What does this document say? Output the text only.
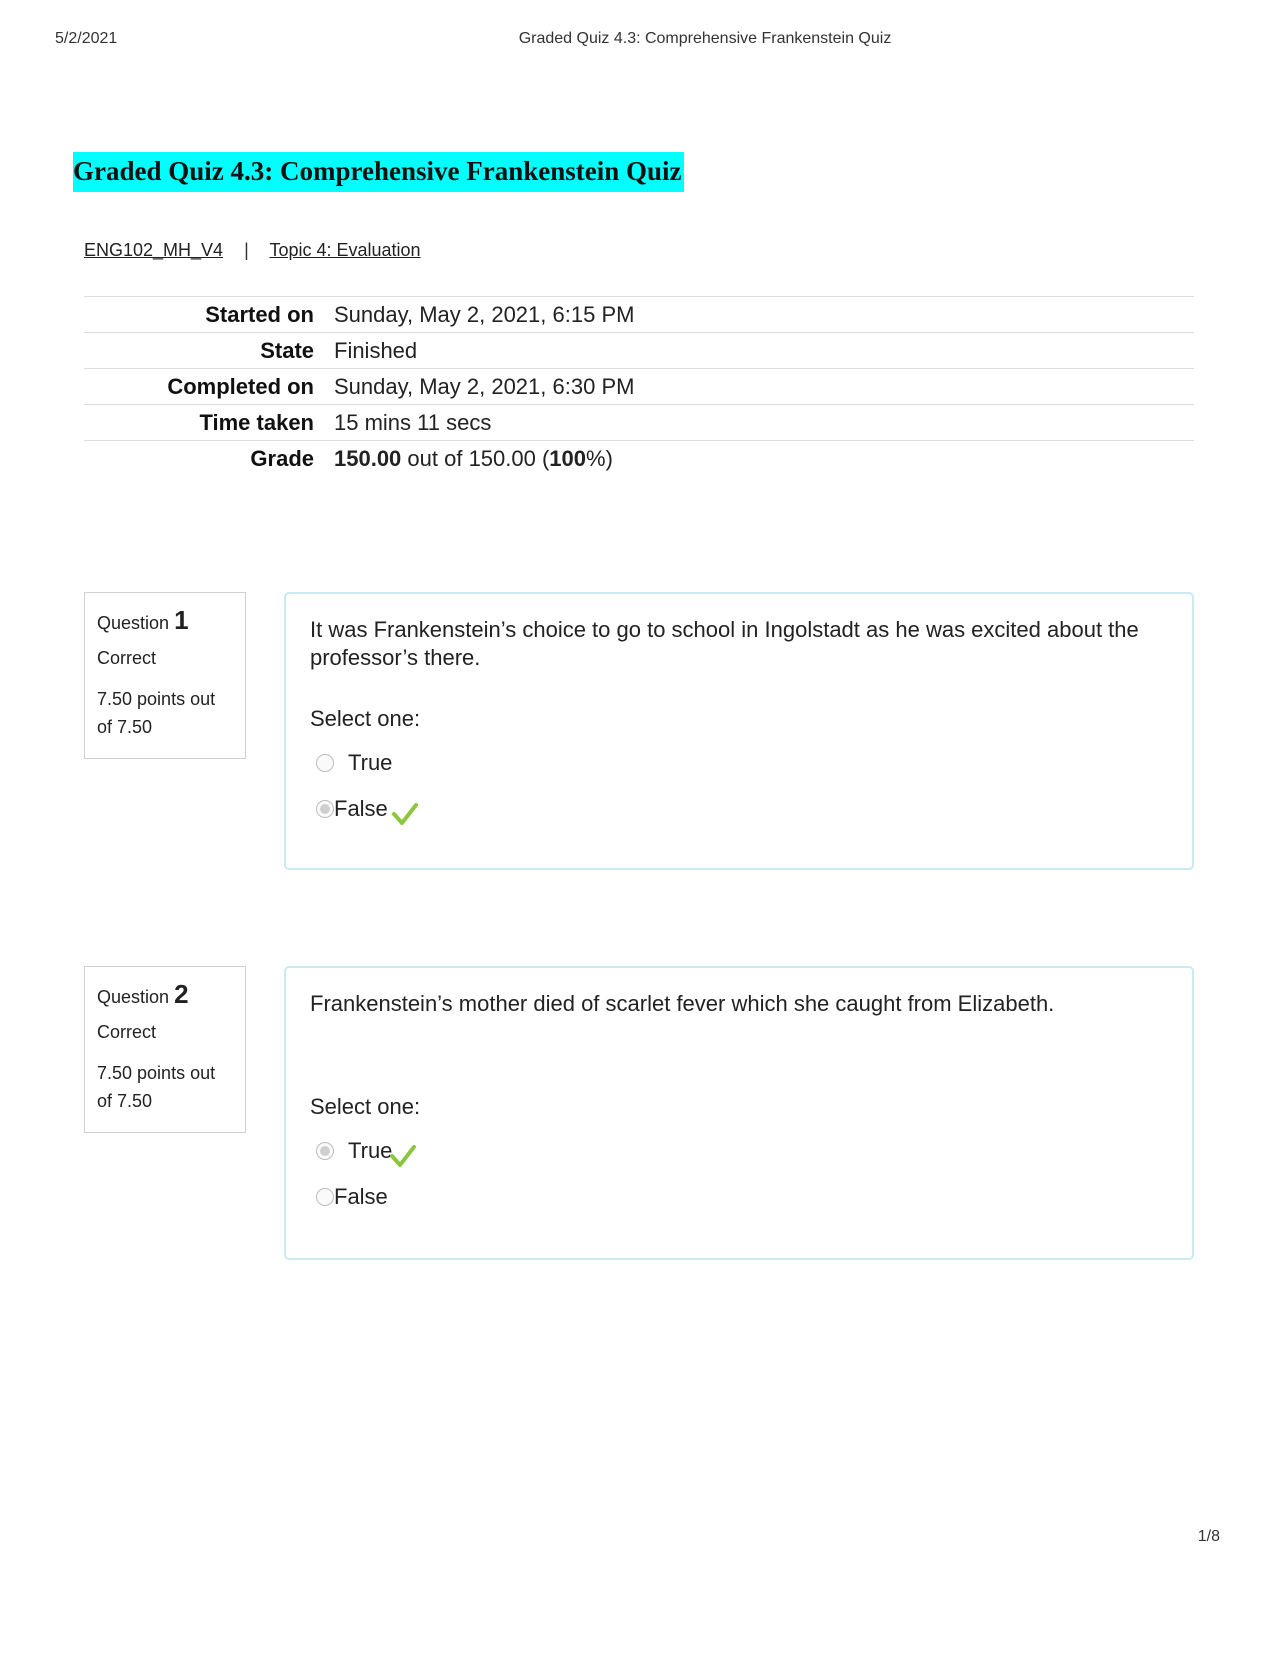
5/2/2021	Graded Quiz 4.3: Comprehensive Frankenstein Quiz
Graded Quiz 4.3: Comprehensive Frankenstein Quiz
ENG102_MH_V4 | Topic 4: Evaluation
Started on	Sunday, May 2, 2021, 6:15 PM
State	Finished
Completed on	Sunday, May 2, 2021, 6:30 PM
Time taken	15 mins 11 secs
Grade	150.00 out of 150.00 (100%)
Question 1
Correct
7.50 points out of 7.50

It was Frankenstein’s choice to go to school in Ingolstadt as he was excited about the professor’s there.

Select one:
True
False
Question 2
Correct
7.50 points out of 7.50

Frankenstein’s mother died of scarlet fever which she caught from Elizabeth.

Select one:
True
False
1/8
